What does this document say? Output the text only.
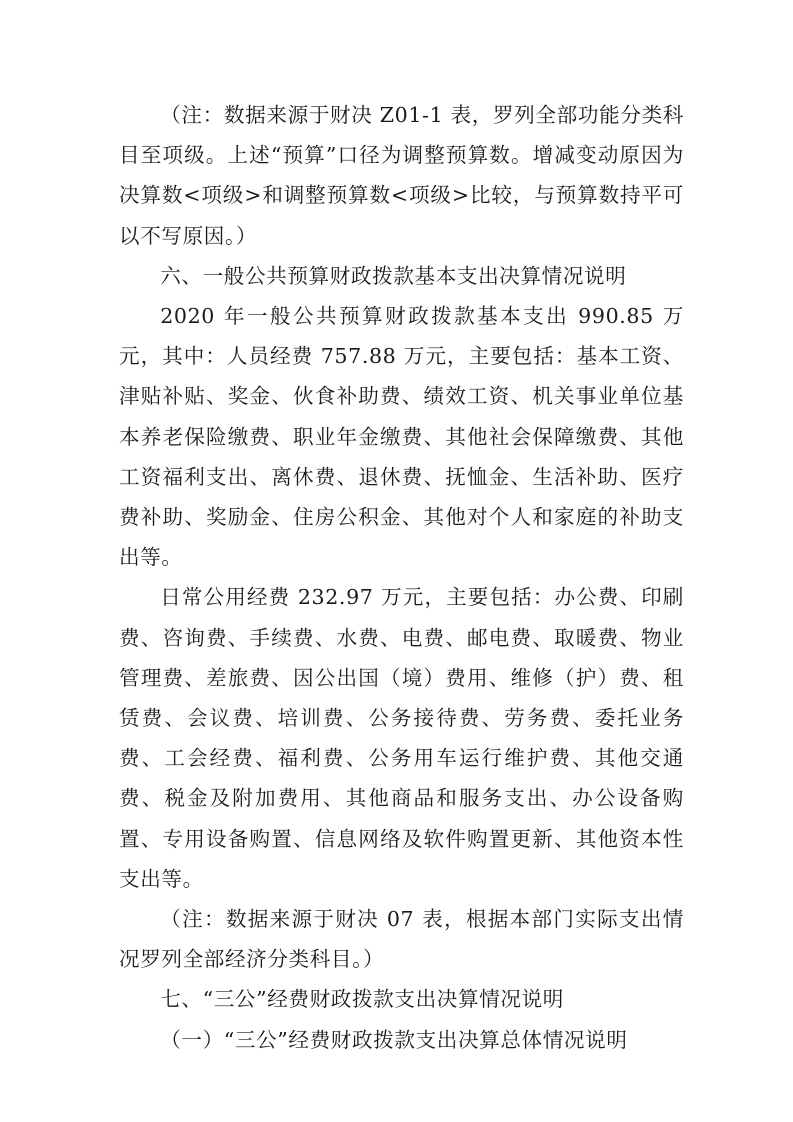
（注：数据来源于财决 Z01-1 表，罗列全部功能分类科目至项级。上述“预算”口径为调整预算数。增减变动原因为决算数<项级>和调整预算数<项级>比较，与预算数持平可以不写原因。）

六、一般公共预算财政拨款基本支出决算情况说明

2020 年一般公共预算财政拨款基本支出 990.85 万元，其中：人员经费 757.88 万元，主要包括：基本工资、津贴补贴、奖金、伙食补助费、绩效工资、机关事业单位基本养老保险缴费、职业年金缴费、其他社会保障缴费、其他工资福利支出、离休费、退休费、抚恤金、生活补助、医疗费补助、奖励金、住房公积金、其他对个人和家庭的补助支出等。

日常公用经费 232.97 万元，主要包括：办公费、印刷费、咨询费、手续费、水费、电费、邮电费、取暖费、物业管理费、差旅费、因公出国（境）费用、维修（护）费、租赁费、会议费、培训费、公务接待费、劳务费、委托业务费、工会经费、福利费、公务用车运行维护费、其他交通费、税金及附加费用、其他商品和服务支出、办公设备购置、专用设备购置、信息网络及软件购置更新、其他资本性支出等。

（注：数据来源于财决 07 表，根据本部门实际支出情况罗列全部经济分类科目。）

七、“三公”经费财政拨款支出决算情况说明

（一）“三公”经费财政拨款支出决算总体情况说明
